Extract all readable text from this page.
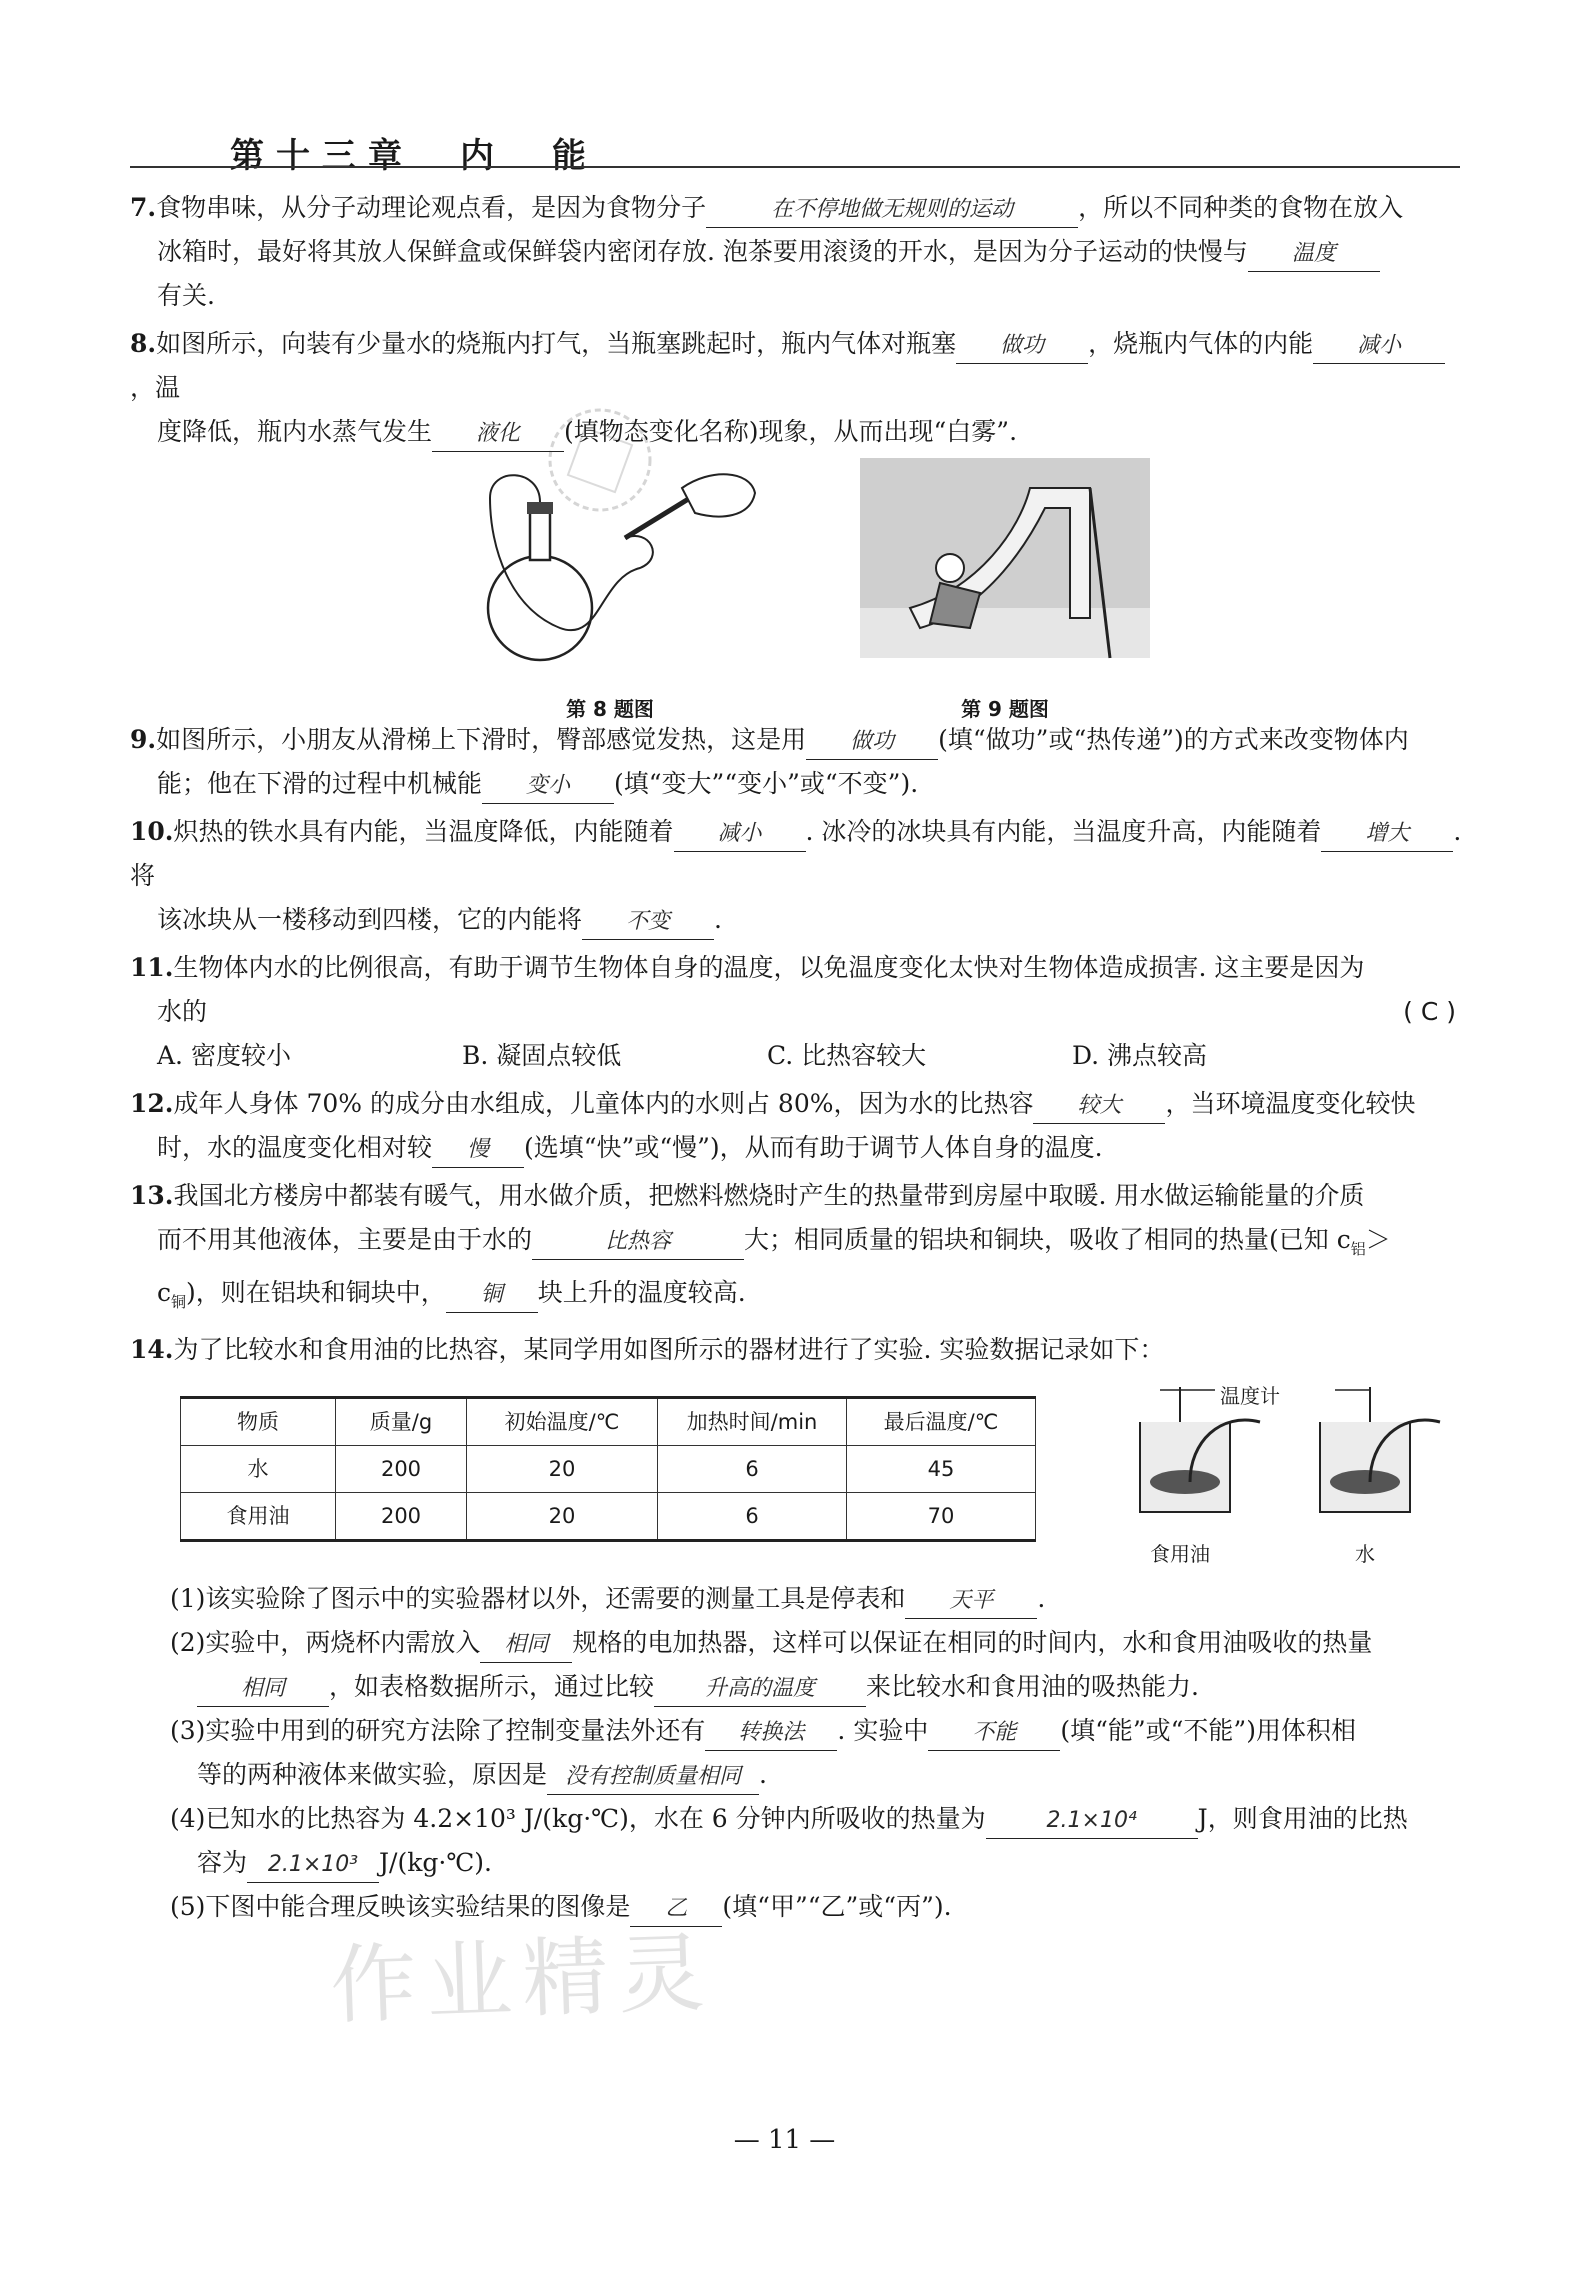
第十三章　内　能
7.食物串味，从分子动理论观点看，是因为食物分子	在不停地做无规则的运动	，所以不同种类的食物在放入
冰箱时，最好将其放人保鲜盒或保鲜袋内密闭存放. 泡茶要用滚烫的开水，是因为分子运动的快慢与 温度
有关.
8.如图所示，向装有少量水的烧瓶内打气，当瓶塞跳起时，瓶内气体对瓶塞 做功 ，烧瓶内气体的内能 减小，温
度降低，瓶内水蒸气发生 液化 (填物态变化名称)现象，从而出现“白雾”.
第 8 题图	第 9 题图
9.如图所示，小朋友从滑梯上下滑时，臀部感觉发热，这是用 做功 (填“做功”或“热传递”)的方式来改变物体内
能；他在下滑的过程中机械能 变小 (填“变大”“变小”或“不变”).
10.炽热的铁水具有内能，当温度降低，内能随着 减小 . 冰冷的冰块具有内能，当温度升高，内能随着 增大 . 将
该冰块从一楼移动到四楼，它的内能将 不变 .
11.生物体内水的比例很高，有助于调节生物体自身的温度，以免温度变化太快对生物体造成损害. 这主要是因为
水的	( C )

A. 密度较小	B. 凝固点较低	C. 比热容较大	D. 沸点较高
12.成年人身体 70% 的成分由水组成，儿童体内的水则占 80%，因为水的比热容 较大 ，当环境温度变化较快
时，水的温度变化相对较 慢 (选填“快”或“慢”)，从而有助于调节人体自身的温度.
13.我国北方楼房中都装有暖气，用水做介质，把燃料燃烧时产生的热量带到房屋中取暖. 用水做运输能量的介质
而不用其他液体，主要是由于水的	比热容	大；相同质量的铝块和铜块，吸收了相同的热量(已知 $c_铝>$
$c_铜$)，则在铝块和铜块中， 铜 块上升的温度较高.
14.为了比较水和食用油的比热容，某同学用如图所示的器材进行了实验. 实验数据记录如下：
物质	质量/g	初始温度/℃	加热时间/min	最后温度/℃
水	200	20	6	45
食用油	200	20	6	70
温度计
食用油	水
(1)该实验除了图示中的实验器材以外，还需要的测量工具是停表和 天平 .
(2)实验中，两烧杯内需放入 相同 规格的电加热器，这样可以保证在相同的时间内，水和食用油吸收的热量
相同 ，如表格数据所示，通过比较 升高的温度 来比较水和食用油的吸热能力.
(3)实验中用到的研究方法除了控制变量法外还有 转换法 . 实验中 不能 (填“能”或“不能”)用体积相
等的两种液体来做实验，原因是 没有控制质量相同 .
(4)已知水的比热容为 4.2×10³ J/(kg·℃)，水在 6 分钟内所吸收的热量为	2.1×10⁴ J，则食用油的比热
容为 2.1×10³ J/(kg·℃).
(5)下图中能合理反映该实验结果的图像是 乙 (填“甲”“乙”或“丙”).
作业精灵
— 11 —
